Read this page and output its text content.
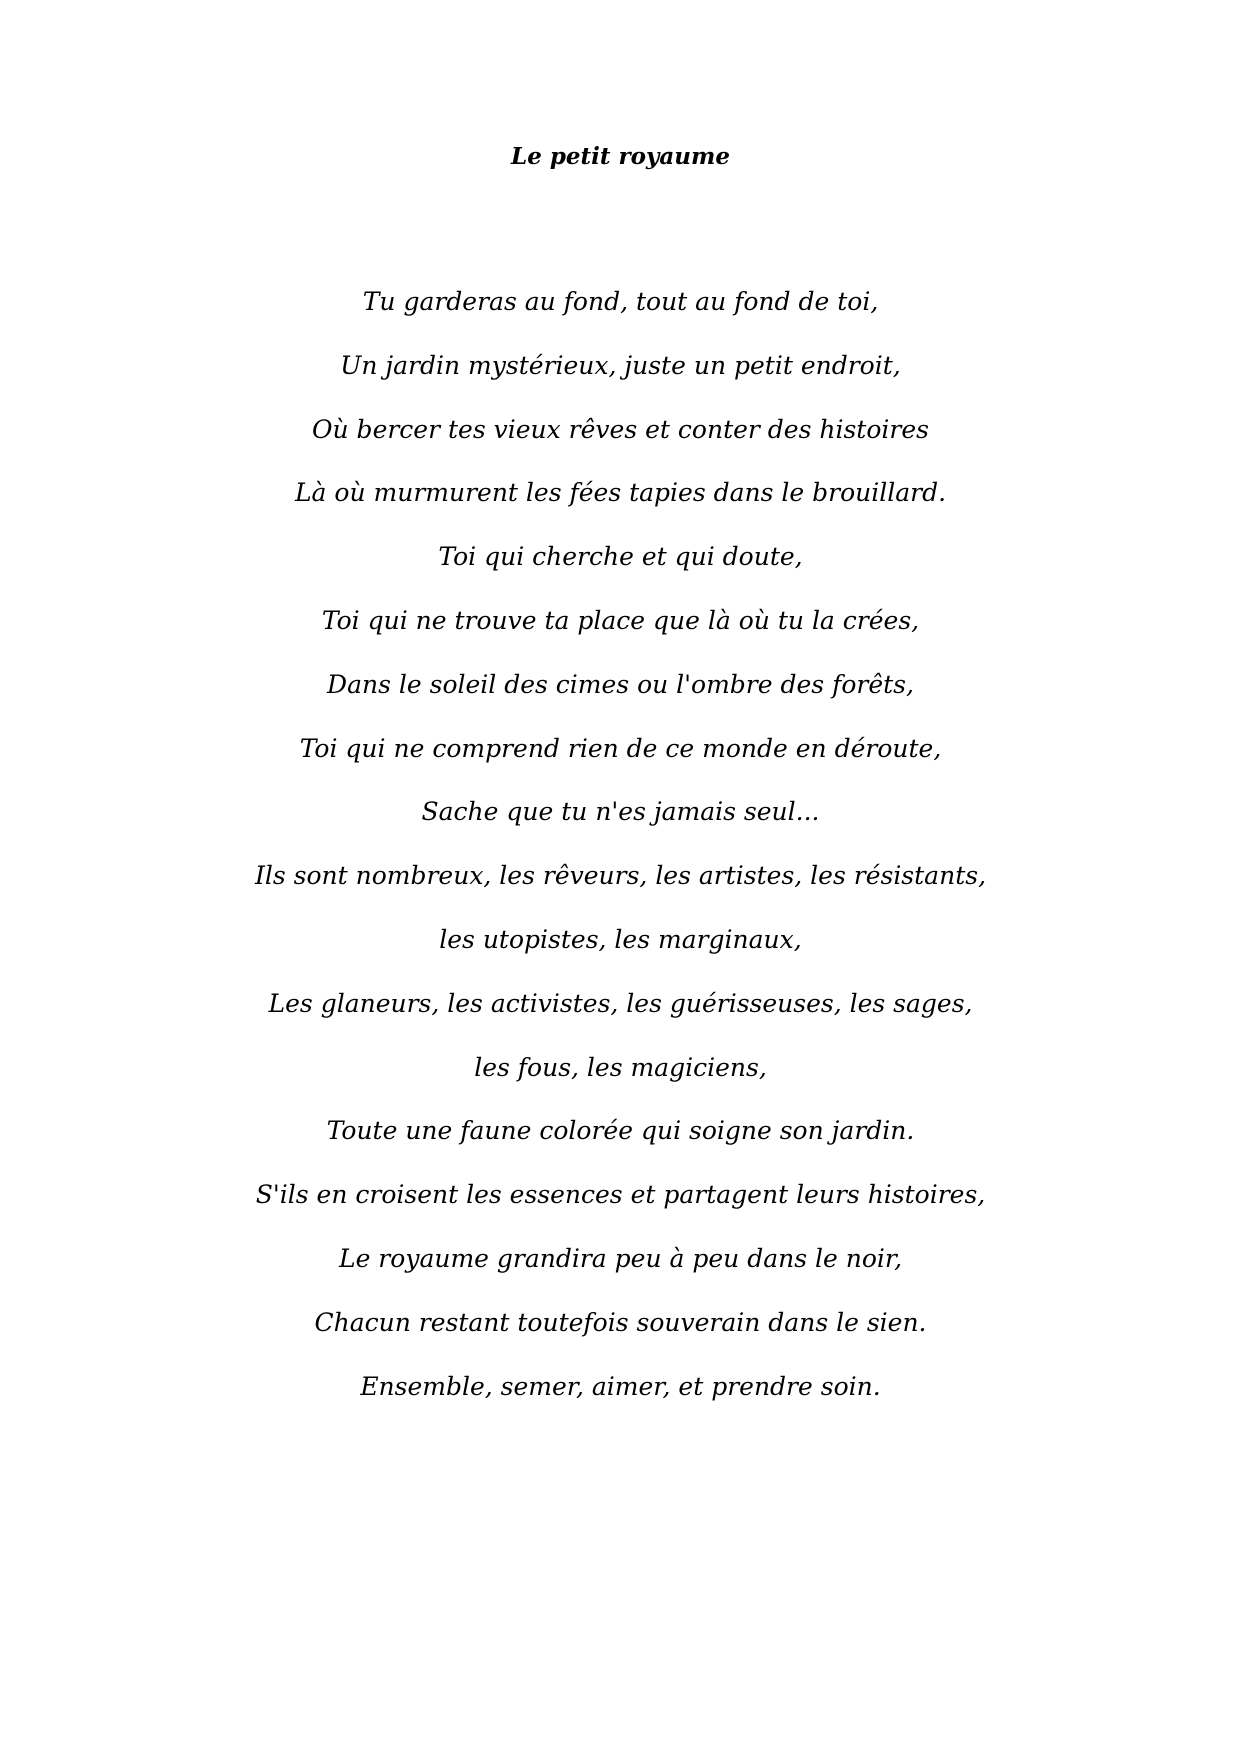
Le petit royaume
Tu garderas au fond, tout au fond de toi,
Un jardin mystérieux, juste un petit endroit,
Où bercer tes vieux rêves et conter des histoires
Là où murmurent les fées tapies dans le brouillard.
Toi qui cherche et qui doute,
Toi qui ne trouve ta place que là où tu la crées,
Dans le soleil des cimes ou l'ombre des forêts,
Toi qui ne comprend rien de ce monde en déroute,
Sache que tu n'es jamais seul...
Ils sont nombreux, les rêveurs, les artistes, les résistants,
les utopistes, les marginaux,
Les glaneurs, les activistes, les guérisseuses, les sages,
les fous, les magiciens,
Toute une faune colorée qui soigne son jardin.
S'ils en croisent les essences et partagent leurs histoires,
Le royaume grandira peu à peu dans le noir,
Chacun restant toutefois souverain dans le sien.
Ensemble, semer, aimer, et prendre soin.
